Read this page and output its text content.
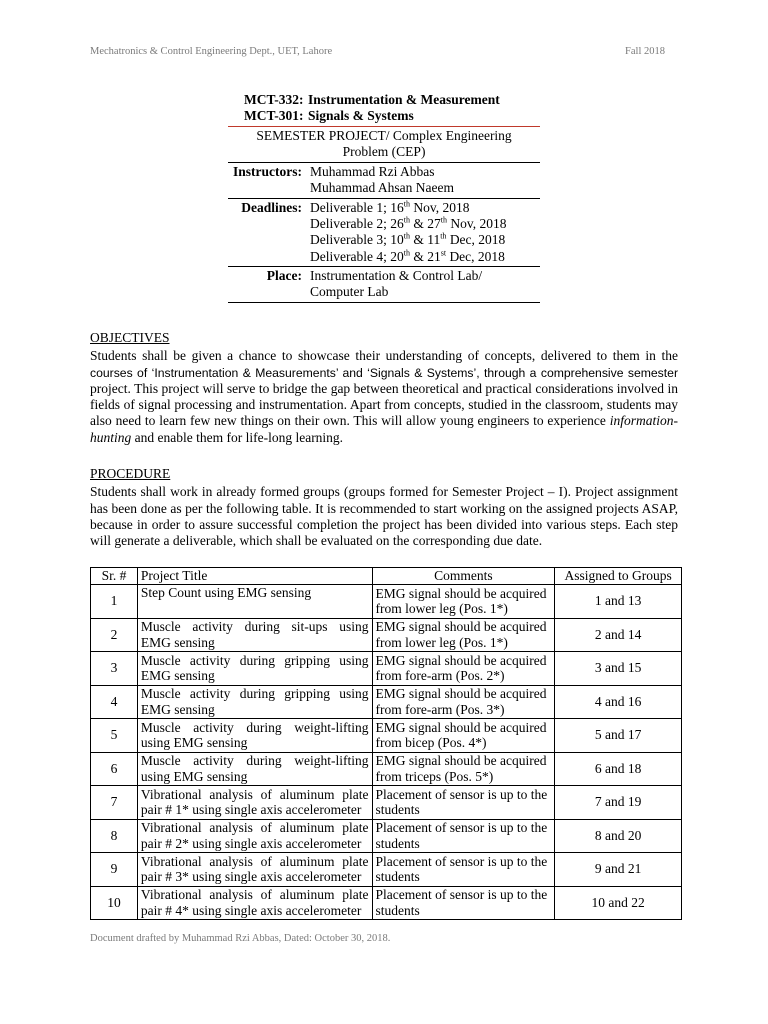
Mechatronics & Control Engineering Dept., UET, Lahore	Fall 2018
MCT-332: Instrumentation & Measurement
MCT-301: Signals & Systems
SEMESTER PROJECT/ Complex Engineering
Problem (CEP)
Instructors: Muhammad Rzi Abbas
Muhammad Ahsan Naeem
Deadlines: Deliverable 1; 16th Nov, 2018
Deliverable 2; 26th & 27th Nov, 2018
Deliverable 3; 10th & 11th Dec, 2018
Deliverable 4; 20th & 21st Dec, 2018
Place: Instrumentation & Control Lab/
Computer Lab
OBJECTIVES
Students shall be given a chance to showcase their understanding of concepts, delivered to them in the
courses of ‘Instrumentation & Measurements’ and ‘Signals & Systems’, through a comprehensive semester
project. This project will serve to bridge the gap between theoretical and practical considerations involved in fields of signal processing and instrumentation. Apart from concepts, studied in the classroom, students may also need to learn few new things on their own. This will allow young engineers to experience information-hunting and enable them for life-long learning.
PROCEDURE
Students shall work in already formed groups (groups formed for Semester Project – I). Project assignment has been done as per the following table. It is recommended to start working on the assigned projects ASAP, because in order to assure successful completion the project has been divided into various steps. Each step will generate a deliverable, which shall be evaluated on the corresponding due date.
Sr. #	Project Title	Comments	Assigned to Groups
1	Step Count using EMG sensing	EMG signal should be acquired from lower leg (Pos. 1*)	1 and 13
2	Muscle activity during sit-ups using EMG sensing	EMG signal should be acquired from lower leg (Pos. 1*)	2 and 14
3	Muscle activity during gripping using EMG sensing	EMG signal should be acquired from fore-arm (Pos. 2*)	3 and 15
4	Muscle activity during gripping using EMG sensing	EMG signal should be acquired from fore-arm (Pos. 3*)	4 and 16
5	Muscle activity during weight-lifting using EMG sensing	EMG signal should be acquired from bicep (Pos. 4*)	5 and 17
6	Muscle activity during weight-lifting using EMG sensing	EMG signal should be acquired from triceps (Pos. 5*)	6 and 18
7	Vibrational analysis of aluminum plate pair # 1* using single axis accelerometer	Placement of sensor is up to the students	7 and 19
8	Vibrational analysis of aluminum plate pair # 2* using single axis accelerometer	Placement of sensor is up to the students	8 and 20
9	Vibrational analysis of aluminum plate pair # 3* using single axis accelerometer	Placement of sensor is up to the students	9 and 21
10	Vibrational analysis of aluminum plate pair # 4* using single axis accelerometer	Placement of sensor is up to the students	10 and 22
Document drafted by Muhammad Rzi Abbas, Dated: October 30, 2018.
